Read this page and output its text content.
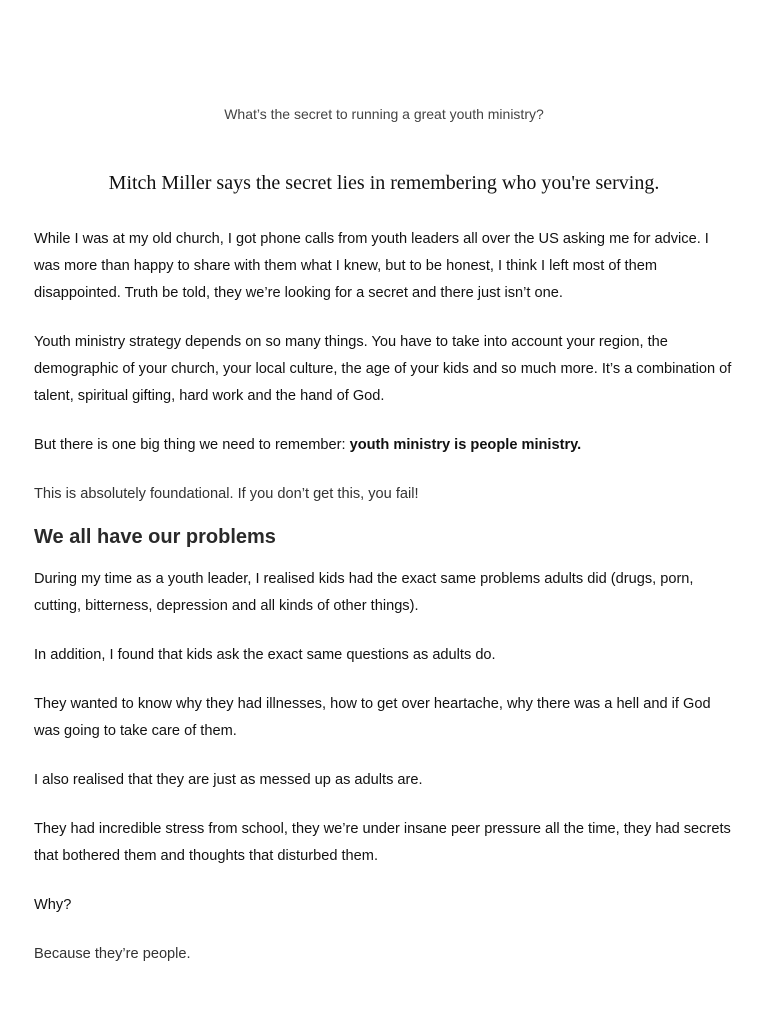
What’s the secret to running a great youth ministry?

Mitch Miller says the secret lies in remembering who you're serving.

While I was at my old church, I got phone calls from youth leaders all over the US asking me for advice. I was more than happy to share with them what I knew, but to be honest, I think I left most of them disappointed. Truth be told, they we’re looking for a secret and there just isn’t one.

Youth ministry strategy depends on so many things. You have to take into account your region, the demographic of your church, your local culture, the age of your kids and so much more. It’s a combination of talent, spiritual gifting, hard work and the hand of God.

But there is one big thing we need to remember: youth ministry is people ministry.

This is absolutely foundational. If you don’t get this, you fail!

We all have our problems

During my time as a youth leader, I realised kids had the exact same problems adults did (drugs, porn, cutting, bitterness, depression and all kinds of other things).

In addition, I found that kids ask the exact same questions as adults do.

They wanted to know why they had illnesses, how to get over heartache, why there was a hell and if God was going to take care of them.

I also realised that they are just as messed up as adults are.

They had incredible stress from school, they we’re under insane peer pressure all the time, they had secrets that bothered them and thoughts that disturbed them.

Why?

Because they’re people.
